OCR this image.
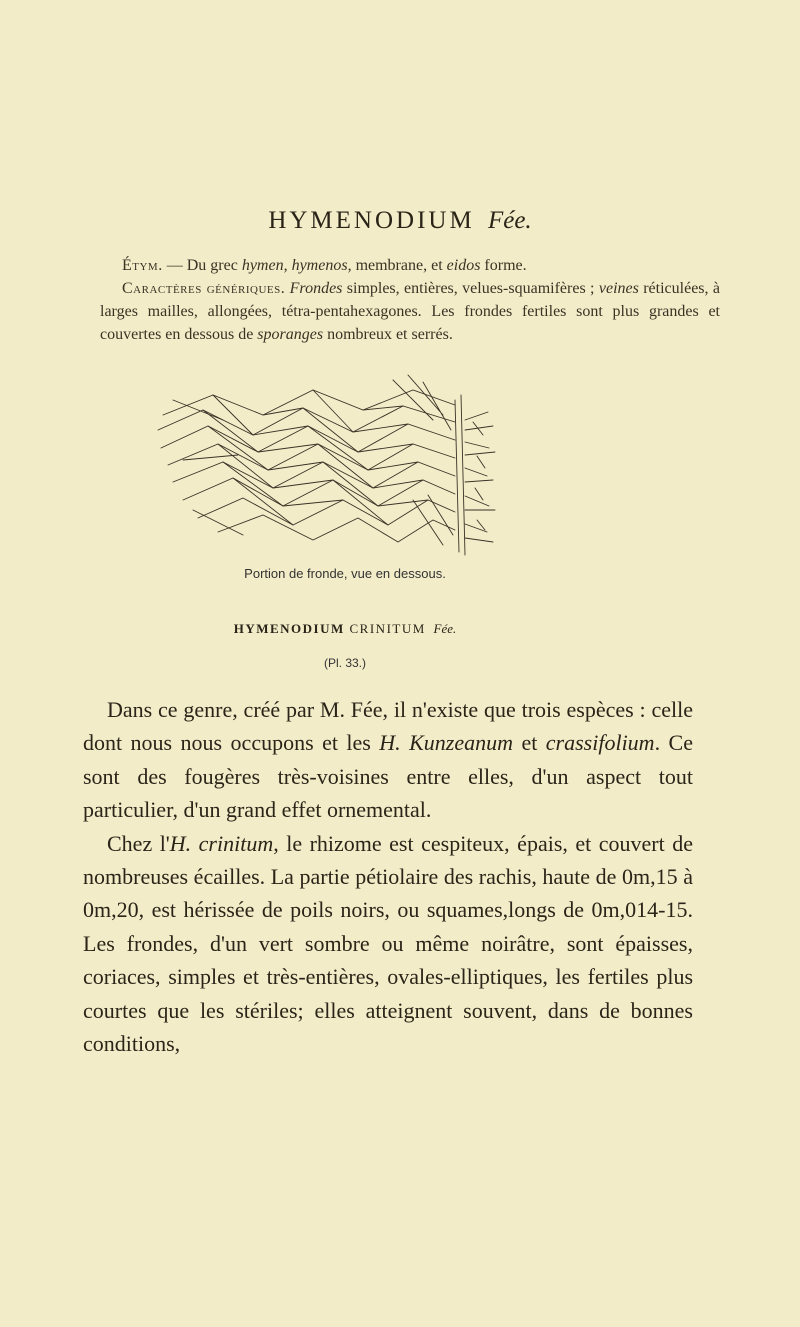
HYMENODIUM Fée.

Étym. — Du grec hymen, hymenos, membrane, et eidos forme.

Caractères génériques. Frondes simples, entières, velues-squamifères ; veines réticulées, à larges mailles, allongées, tétra-pentahexagones. Les frondes fertiles sont plus grandes et couvertes en dessous de sporanges nombreux et serrés.

Portion de fronde, vue en dessous.
HYMENODIUM CRINITUM Fée.
(Pl. 33.)

Dans ce genre, créé par M. Fée, il n'existe que trois espèces : celle dont nous nous occupons et les H. Kunzeanum et crassifolium. Ce sont des fougères très-voisines entre elles, d'un aspect tout particulier, d'un grand effet ornemental.

Chez l'H. crinitum, le rhizome est cespiteux, épais, et couvert de nombreuses écailles. La partie pétiolaire des rachis, haute de 0m,15 à 0m,20, est hérissée de poils noirs, ou squames,longs de 0m,014-15. Les frondes, d'un vert sombre ou même noirâtre, sont épaisses, coriaces, simples et très-entières, ovales-elliptiques, les fertiles plus courtes que les stériles; elles atteignent souvent, dans de bonnes conditions,
